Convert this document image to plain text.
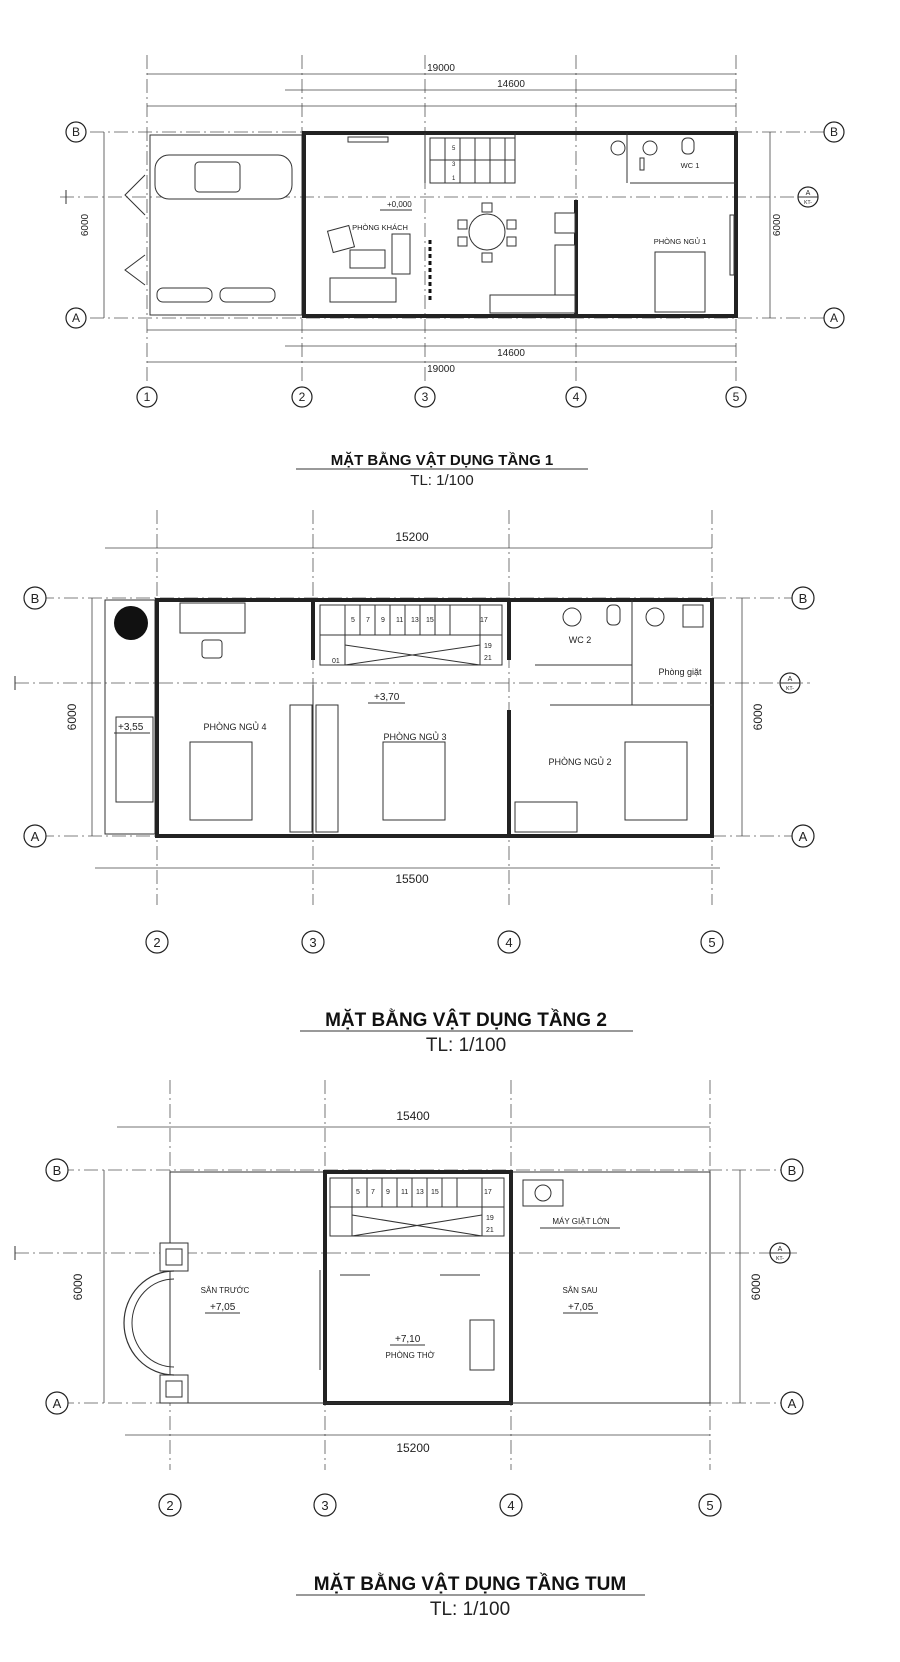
19000
14600
14600
19000
6000	6000
5
3
1
+0,000
PHÒNG KHÁCH
PHÒNG NGỦ 1
WC 1
1	2	3	4	5
B
A
B
A
A
KT-
MẶT BẰNG VẬT DỤNG TẦNG 1
TL: 1/100
15200
15500
6000	6000
5 7 9 11 13 15	17
19
21
01
+3,70
+3,55	PHÒNG NGỦ 4
PHÒNG NGỦ 3
PHÒNG NGỦ 2
WC 2
Phòng giặt
2	3	4	5
B
A
B
A
A
KT-
MẶT BẰNG VẬT DỤNG TẦNG 2
TL: 1/100
15400
15200
6000	6000
5 7 9 11 13 15	17
19
21
SÂN TRƯỚC
+7,05
+7,10
PHÒNG THỜ
SÂN SAU
+7,05
MÁY GIẶT LỚN
2	3	4	5
B
A
B
A
A
KT-
MẶT BẰNG VẬT DỤNG TẦNG TUM
TL: 1/100
